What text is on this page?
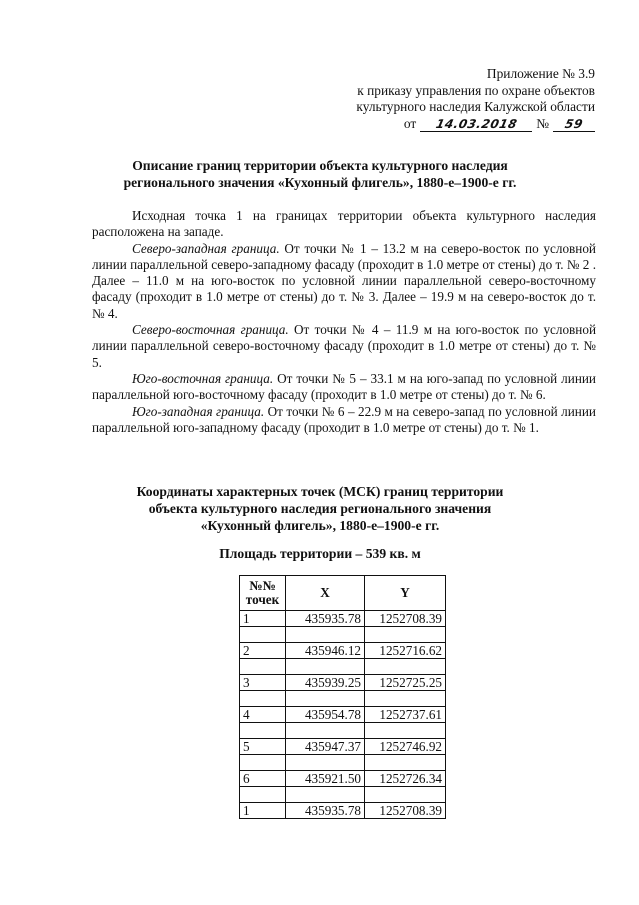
Приложение № 3.9
к приказу управления по охране объектов
культурного наследия Калужской области
от	14.03.2018	№	59
Описание границ территории объекта культурного наследия
регионального значения «Кухонный флигель», 1880-е–1900-е гг.

Исходная точка 1 на границах территории объекта культурного наследия расположена на западе.

Северо-западная граница. От точки № 1 – 13.2 м на северо-восток по условной линии параллельной северо-западному фасаду (проходит в 1.0 метре от стены) до т. № 2 . Далее – 11.0 м на юго-восток по условной линии параллельной северо-восточному фасаду (проходит в 1.0 метре от стены) до т. № 3. Далее – 19.9 м на северо-восток до т. № 4.

Северо-восточная граница. От точки № 4 – 11.9 м на юго-восток по условной линии параллельной северо-восточному фасаду (проходит в 1.0 метре от стены) до т. № 5.

Юго-восточная граница. От точки № 5 – 33.1 м на юго-запад по условной линии параллельной юго-восточному фасаду (проходит в 1.0 метре от стены) до т. № 6.

Юго-западная граница. От точки № 6 – 22.9 м на северо-запад по условной линии параллельной юго-западному фасаду (проходит в 1.0 метре от стены) до т. № 1.

Координаты характерных точек (МСК) границ территории
объекта культурного наследия регионального значения
«Кухонный флигель», 1880-е–1900-е гг.
Площадь территории – 539 кв. м
№№ точек	X	Y
1	435935.78	1252708.39

2	435946.12	1252716.62

3	435939.25	1252725.25

4	435954.78	1252737.61

5	435947.37	1252746.92

6	435921.50	1252726.34

1	435935.78	1252708.39
